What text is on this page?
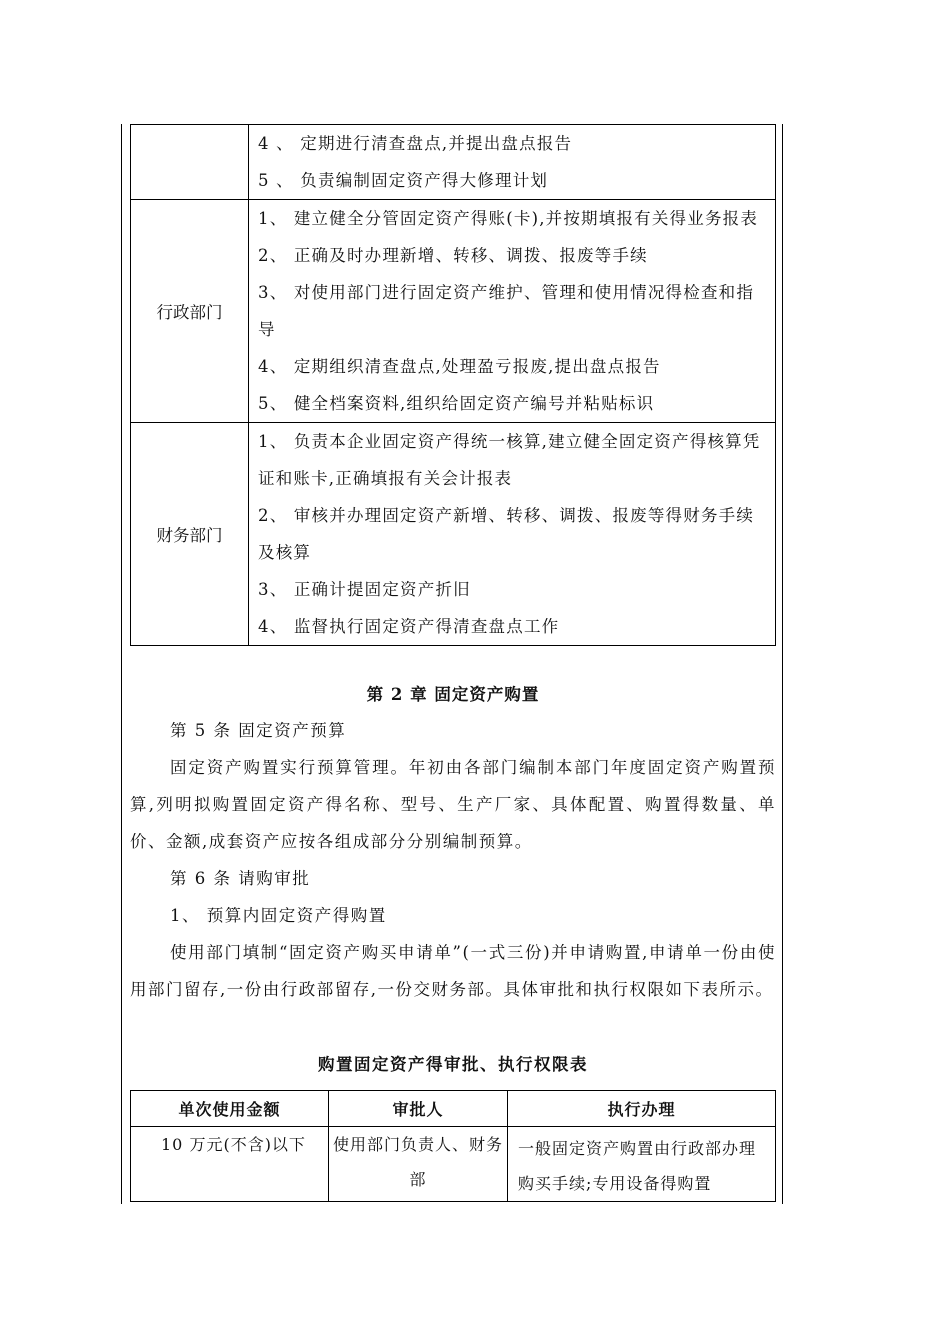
	4 、 定期进行清查盘点,并提出盘点报告
5 、 负责编制固定资产得大修理计划

行政部门	1、 建立健全分管固定资产得账(卡),并按期填报有关得业务报表
2、 正确及时办理新增、转移、调拨、报废等手续
3、 对使用部门进行固定资产维护、管理和使用情况得检查和指导
4、 定期组织清查盘点,处理盈亏报废,提出盘点报告
5、 健全档案资料,组织给固定资产编号并粘贴标识

财务部门	1、 负责本企业固定资产得统一核算,建立健全固定资产得核算凭证和账卡,正确填报有关会计报表
2、 审核并办理固定资产新增、转移、调拨、报废等得财务手续及核算
3、 正确计提固定资产折旧
4、 监督执行固定资产得清查盘点工作
第 2 章 固定资产购置

第 5 条 固定资产预算

固定资产购置实行预算管理。年初由各部门编制本部门年度固定资产购置预算,列明拟购置固定资产得名称、型号、生产厂家、具体配置、购置得数量、单价、金额,成套资产应按各组成部分分别编制预算。

第 6 条 请购审批

1、 预算内固定资产得购置

使用部门填制“固定资产购买申请单”(一式三份)并申请购置,申请单一份由使用部门留存,一份由行政部留存,一份交财务部。具体审批和执行权限如下表所示。

购置固定资产得审批、执行权限表
单次使用金额	审批人	执行办理
10 万元(不含)以下	使用部门负责人、财务部	一般固定资产购置由行政部办理购买手续;专用设备得购置
